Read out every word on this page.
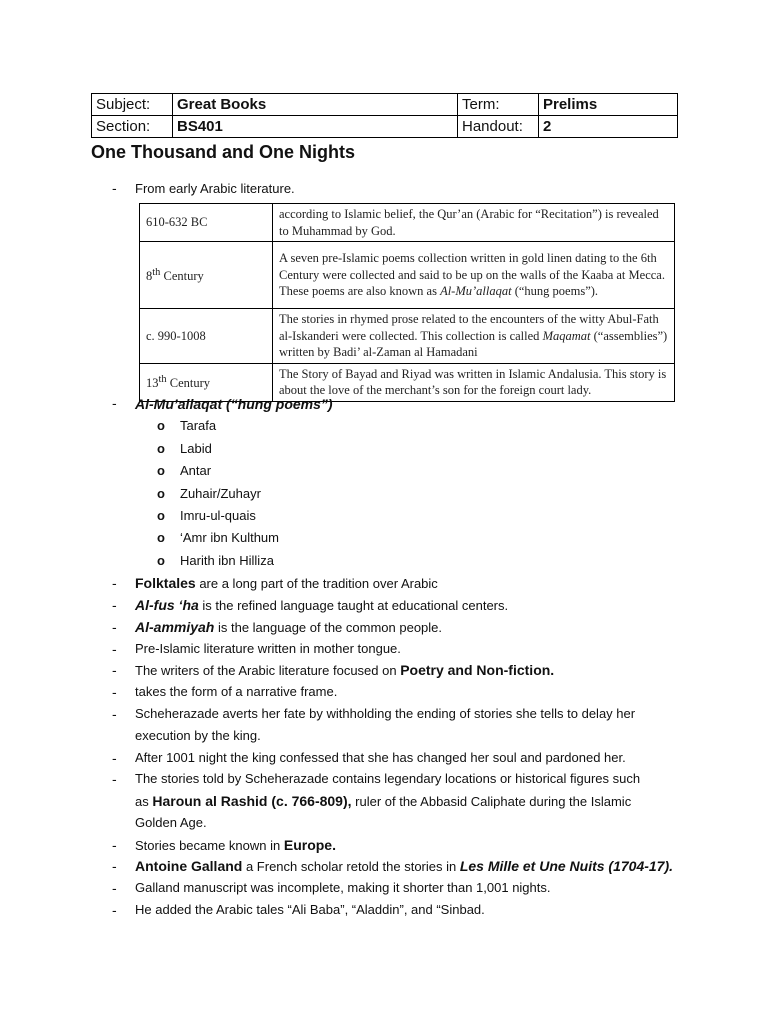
Subject:	Great Books	Term:	Prelims
Section:	BS401	Handout:	2
One Thousand and One Nights
- From early Arabic literature.
610-632 BC	according to Islamic belief, the Qur’an (Arabic for “Recitation”) is revealed to Muhammad by God.
8th Century	A seven pre-Islamic poems collection written in gold linen dating to the 6th Century were collected and said to be up on the walls of the Kaaba at Mecca. These poems are also known as Al-Mu’allaqat (“hung poems”).
c. 990-1008	The stories in rhymed prose related to the encounters of the witty Abul-Fath al-Iskanderi were collected. This collection is called Maqamat (“assemblies”) written by Badi’ al-Zaman al Hamadani
13th Century	The Story of Bayad and Riyad was written in Islamic Andalusia. This story is about the love of the merchant’s son for the foreign court lady.
- Al-Mu’allaqat (“hung poems”)
o Tarafa
o Labid
o Antar
o Zuhair/Zuhayr
o Imru-ul-quais
o ‘Amr ibn Kulthum
o Harith ibn Hilliza
- Folktales are a long part of the tradition over Arabic
- Al-fus ‘ha is the refined language taught at educational centers.
- Al-ammiyah is the language of the common people.
- Pre-Islamic literature written in mother tongue.
- The writers of the Arabic literature focused on Poetry and Non-fiction.
- takes the form of a narrative frame.
- Scheherazade averts her fate by withholding the ending of stories she tells to delay her
execution by the king.
- After 1001 night the king confessed that she has changed her soul and pardoned her.
- The stories told by Scheherazade contains legendary locations or historical figures such
as Haroun al Rashid (c. 766-809), ruler of the Abbasid Caliphate during the Islamic
Golden Age.
- Stories became known in Europe.
- Antoine Galland a French scholar retold the stories in Les Mille et Une Nuits (1704-17).
- Galland manuscript was incomplete, making it shorter than 1,001 nights.
- He added the Arabic tales “Ali Baba”, “Aladdin”, and “Sinbad.
